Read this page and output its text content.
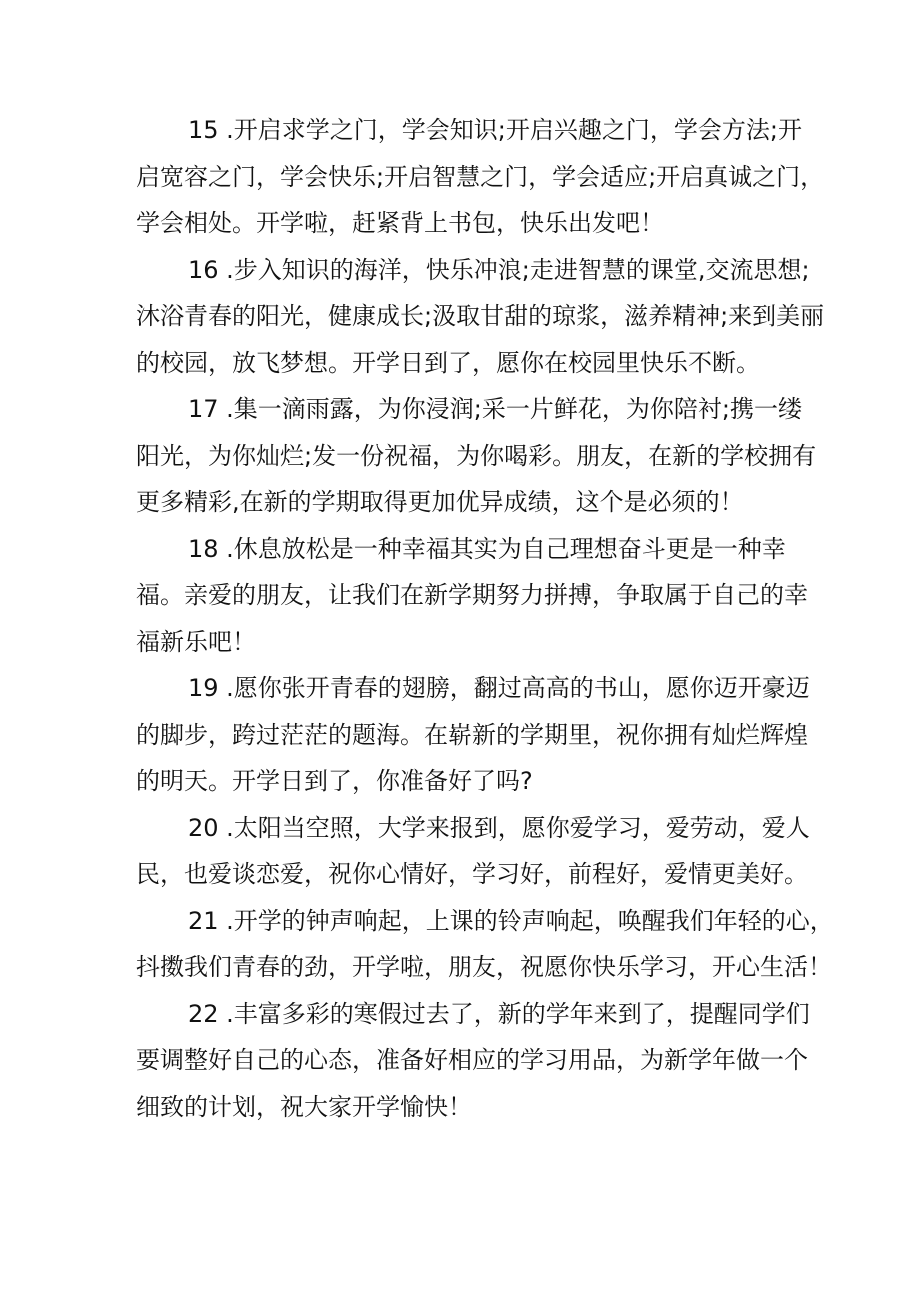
15 .开启求学之门，学会知识;开启兴趣之门，学会方法;开
启宽容之门，学会快乐;开启智慧之门，学会适应;开启真诚之门，
学会相处。开学啦，赶紧背上书包，快乐出发吧！

16 .步入知识的海洋，快乐冲浪;走进智慧的课堂,交流思想;
沐浴青春的阳光，健康成长;汲取甘甜的琼浆，滋养精神;来到美丽
的校园，放飞梦想。开学日到了，愿你在校园里快乐不断。

17 .集一滴雨露，为你浸润;采一片鲜花，为你陪衬;携一缕
阳光，为你灿烂;发一份祝福，为你喝彩。朋友，在新的学校拥有
更多精彩,在新的学期取得更加优异成绩，这个是必须的！

18 .休息放松是一种幸福其实为自己理想奋斗更是一种幸
福。亲爱的朋友，让我们在新学期努力拼搏，争取属于自己的幸
福新乐吧！

19 .愿你张开青春的翅膀，翻过高高的书山，愿你迈开豪迈
的脚步，跨过茫茫的题海。在崭新的学期里，祝你拥有灿烂辉煌
的明天。开学日到了，你准备好了吗?

20 .太阳当空照，大学来报到，愿你爱学习，爱劳动，爱人
民，也爱谈恋爱，祝你心情好，学习好，前程好，爱情更美好。

21 .开学的钟声响起，上课的铃声响起，唤醒我们年轻的心，
抖擞我们青春的劲，开学啦，朋友，祝愿你快乐学习，开心生活！

22 .丰富多彩的寒假过去了，新的学年来到了，提醒同学们
要调整好自己的心态，准备好相应的学习用品，为新学年做一个
细致的计划，祝大家开学愉快！
